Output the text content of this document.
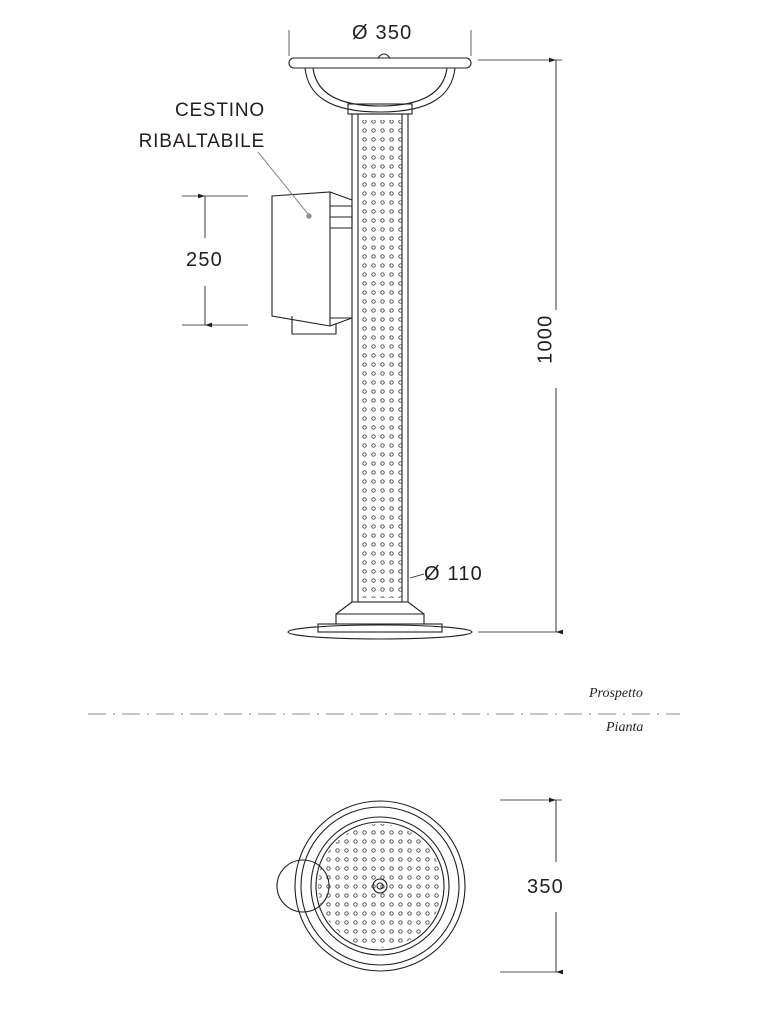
Ø 350
1000
250
Ø 110
350
CESTINO
RIBALTABILE
Prospetto
Pianta
